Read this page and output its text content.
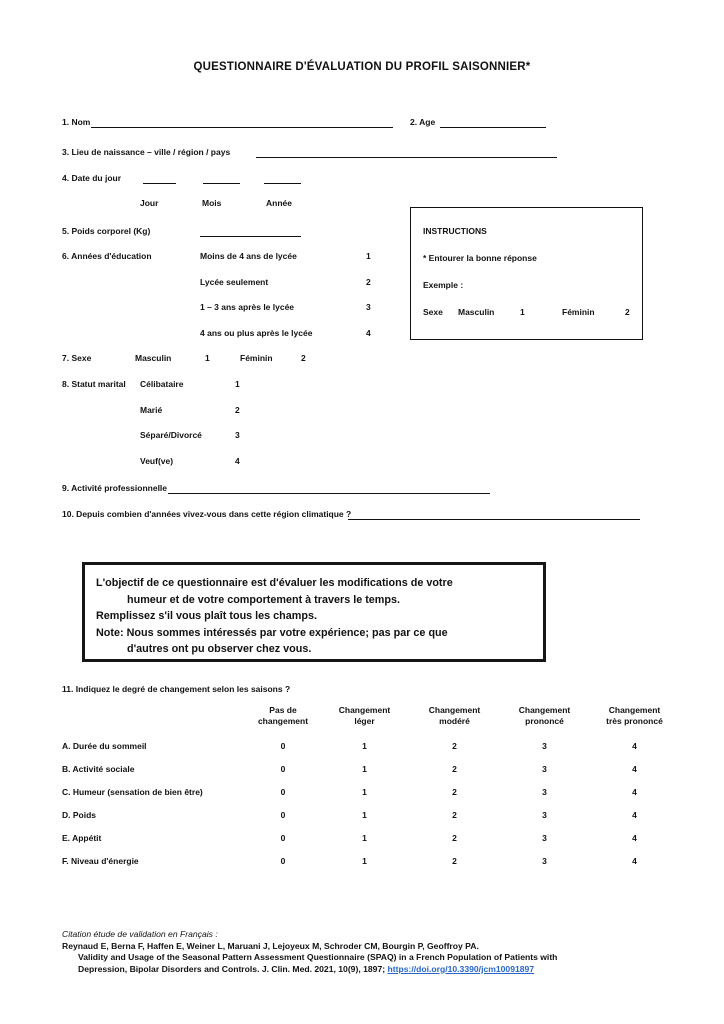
QUESTIONNAIRE D'ÉVALUATION DU PROFIL SAISONNIER*
1. Nom	2. Age
3. Lieu de naissance – ville / région / pays
4. Date du jour
Jour	Mois	Année
5. Poids corporel (Kg)
6. Années d'éducation	Moins de 4 ans de lycée	1
Lycée seulement	2
1 – 3 ans après le lycée	3
4 ans ou plus après le lycée	4
7. Sexe	Masculin	1	Féminin	2
8. Statut marital Célibataire	1
Marié	2
Séparé/Divorcé	3
Veuf(ve)	4
9. Activité professionnelle
10. Depuis combien d'années vivez-vous dans cette région climatique ?
INSTRUCTIONS
* Entourer la bonne réponse
Exemple :
Sexe Masculin	1	Féminin	2
L'objectif de ce questionnaire est d'évaluer les modifications de votre
humeur et de votre comportement à travers le temps.
Remplissez s'il vous plaît tous les champs.
Note: Nous sommes intéressés par votre expérience; pas par ce que
d'autres ont pu observer chez vous.
11. Indiquez le degré de changement selon les saisons ?
Pas de
changement
Changement
léger
Changement
modéré
Changement
prononcé
Changement
très prononcé
A. Durée du sommeil	0	1	2	3	4
B. Activité sociale	0	1	2	3	4
C. Humeur (sensation de bien être)	0	1	2	3	4
D. Poids	0	1	2	3	4
E. Appétit	0	1	2	3	4
F. Niveau d'énergie	0	1	2	3	4
Citation étude de validation en Français :
Reynaud E, Berna F, Haffen E, Weiner L, Maruani J, Lejoyeux M, Schroder CM, Bourgin P, Geoffroy PA.
Validity and Usage of the Seasonal Pattern Assessment Questionnaire (SPAQ) in a French Population of Patients with
Depression, Bipolar Disorders and Controls. J. Clin. Med. 2021, 10(9), 1897; https://doi.org/10.3390/jcm10091897
